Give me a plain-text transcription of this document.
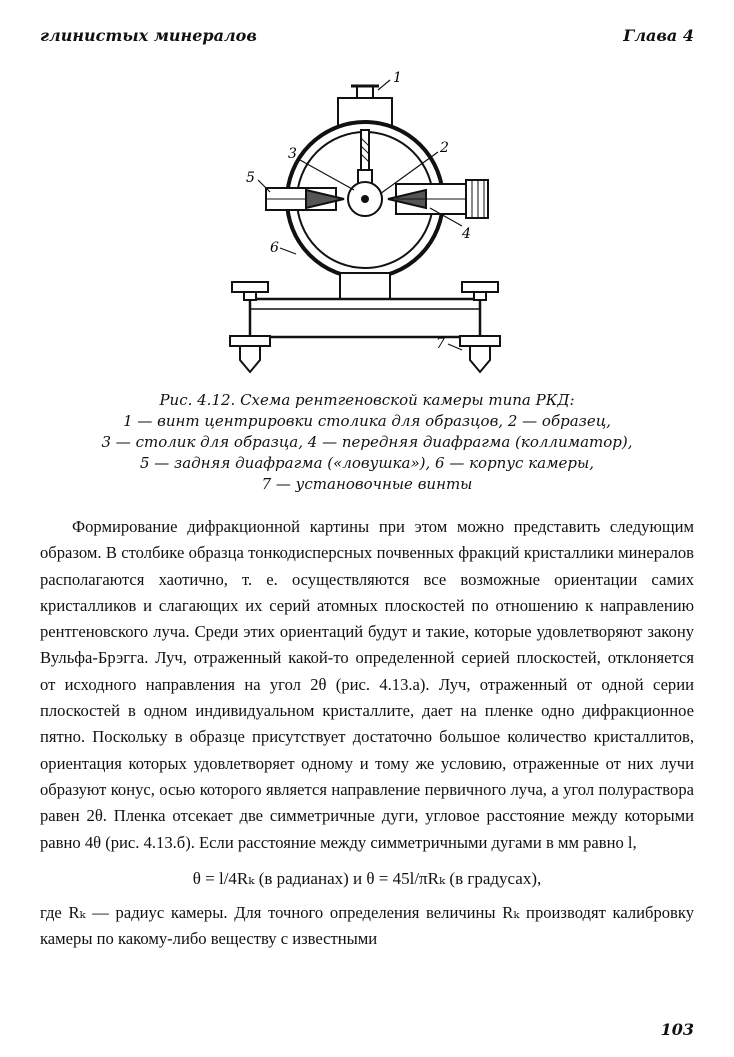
глинистых минералов	Глава 4
1
2
3
4
5
6
7
Рис. 4.12. Схема рентгеновской камеры типа РКД:
1 — винт центрировки столика для образцов, 2 — образец,
3 — столик для образца, 4 — передняя диафрагма (коллиматор),
5 — задняя диафрагма («ловушка»), 6 — корпус камеры,
7 — установочные винты

Формирование дифракционной картины при этом можно представить следующим образом. В столбике образца тонкодисперсных почвенных фракций кристаллики минералов располагаются хаотично, т. е. осуществляются все возможные ориентации самих кристалликов и слагающих их серий атомных плоскостей по отношению к направлению рентгеновского луча. Среди этих ориентаций будут и такие, которые удовлетворяют закону Вульфа-Брэгга. Луч, отраженный какой-то определенной серией плоскостей, отклоняется от исходного направления на угол 2θ (рис. 4.13.а). Луч, отраженный от одной серии плоскостей в одном индивидуальном кристаллите, дает на пленке одно дифракционное пятно. Поскольку в образце присутствует достаточно большое количество кристаллитов, ориентация которых удовлетворяет одному и тому же условию, отраженные от них лучи образуют конус, осью которого является направление первичного луча, а угол полураствора равен 2θ. Пленка отсекает две симметричные дуги, угловое расстояние между которыми равно 4θ (рис. 4.13.б). Если расстояние между симметричными дугами в мм равно l,

θ = l/4Rₖ (в радианах) и θ = 45l/πRₖ (в градусах),

где Rₖ — радиус камеры. Для точного определения величины Rₖ производят калибровку камеры по какому-либо веществу с известными

103
